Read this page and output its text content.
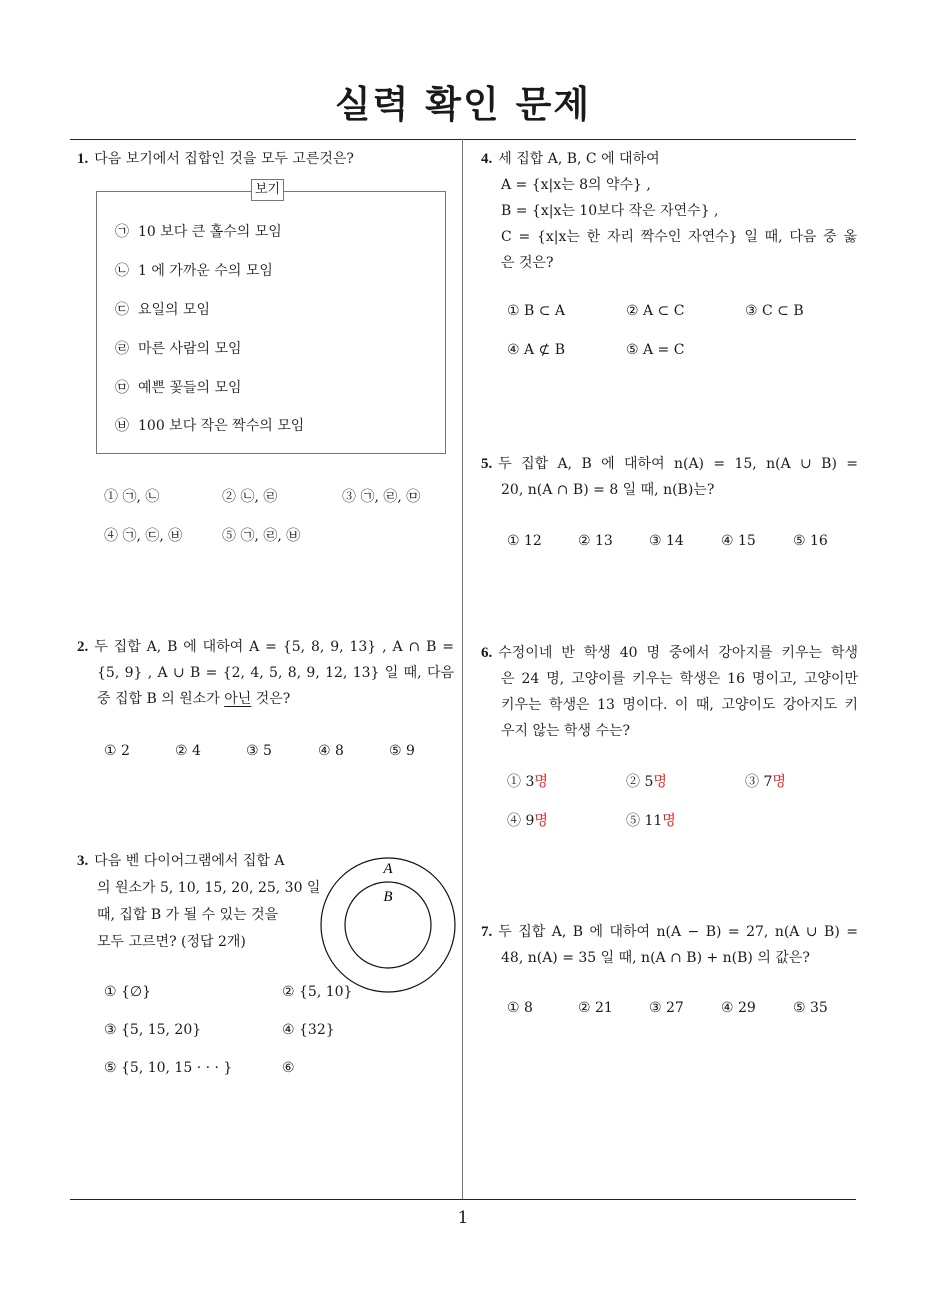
실력 확인 문제
1
1. 다음 보기에서 집합인 것을 모두 고른것은?
보기
㉠ 10 보다 큰 홀수의 모임
㉡ 1 에 가까운 수의 모임
㉢ 요일의 모임
㉣ 마른 사람의 모임
㉤ 예쁜 꽃들의 모임
㉥ 100 보다 작은 짝수의 모임
① ㉠, ㉡	② ㉡, ㉣	③ ㉠, ㉣, ㉤
④ ㉠, ㉢, ㉥	⑤ ㉠, ㉣, ㉥
2. 두 집합 A, B 에 대하여 A = {5, 8, 9, 13} , A ∩ B =
{5, 9} , A ∪ B = {2, 4, 5, 8, 9, 12, 13} 일 때, 다음
중 집합 B 의 원소가 아닌 것은?
① 2	② 4	③ 5	④ 8	⑤ 9
3. 다음 벤 다이어그램에서 집합 A
의 원소가 5, 10, 15, 20, 25, 30 일
때, 집합 B 가 될 수 있는 것을
모두 고르면? (정답 2개)
A
B
① {∅}	② {5, 10}
③ {5, 15, 20}	④ {32}
⑤ {5, 10, 15 · · · }	⑥
4. 세 집합 A, B, C 에 대하여
A = {x|x는 8의 약수} ,
B = {x|x는 10보다 작은 자연수} ,
C = {x|x는 한 자리 짝수인 자연수} 일 때, 다음 중 옳
은 것은?
① B ⊂ A	② A ⊂ C	③ C ⊂ B
④ A ⊄ B	⑤ A = C
5. 두 집합 A, B 에 대하여 n(A) = 15, n(A ∪ B) =
20, n(A ∩ B) = 8 일 때, n(B)는?
① 12	② 13	③ 14	④ 15	⑤ 16
6. 수정이네 반 학생 40 명 중에서 강아지를 키우는 학생
은 24 명, 고양이를 키우는 학생은 16 명이고, 고양이만
키우는 학생은 13 명이다. 이 때, 고양이도 강아지도 키
우지 않는 학생 수는?
① 3명	② 5명	③ 7명
④ 9명	⑤ 11명
7. 두 집합 A, B 에 대하여 n(A − B) = 27, n(A ∪ B) =
48, n(A) = 35 일 때, n(A ∩ B) + n(B) 의 값은?
① 8	② 21	③ 27	④ 29	⑤ 35
